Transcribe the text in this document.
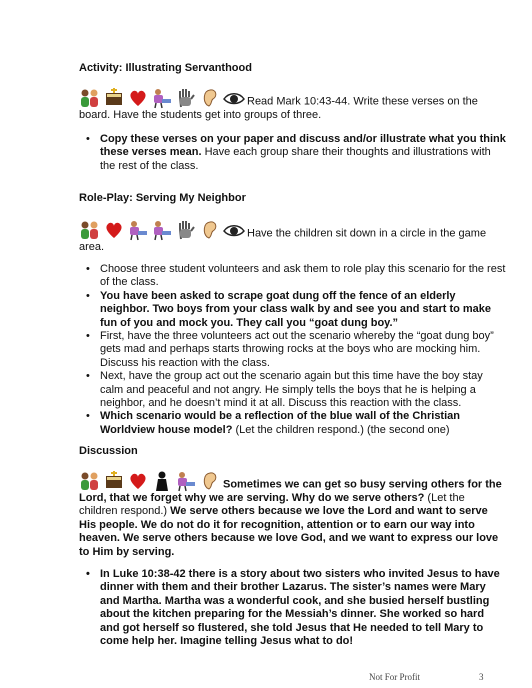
Activity: Illustrating Servanthood
Read Mark 10:43-44. Write these verses on the board. Have the students get into groups of three.
• Copy these verses on your paper and discuss and/or illustrate what you think these verses mean. Have each group share their thoughts and illustrations with the rest of the class.
Role-Play: Serving My Neighbor
Have the children sit down in a circle in the game area.
• Choose three student volunteers and ask them to role play this scenario for the rest of the class.
• You have been asked to scrape goat dung off the fence of an elderly neighbor. Two boys from your class walk by and see you and start to make fun of you and mock you. They call you “goat dung boy.”
• First, have the three volunteers act out the scenario whereby the “goat dung boy” gets mad and perhaps starts throwing rocks at the boys who are mocking him. Discuss his reaction with the class.
• Next, have the group act out the scenario again but this time have the boy stay calm and peaceful and not angry. He simply tells the boys that he is helping a neighbor, and he doesn’t mind it at all. Discuss this reaction with the class.
• Which scenario would be a reflection of the blue wall of the Christian Worldview house model? (Let the children respond.) (the second one)
Discussion
Sometimes we can get so busy serving others for the Lord, that we forget why we are serving. Why do we serve others? (Let the children respond.) We serve others because we love the Lord and want to serve His people. We do not do it for recognition, attention or to earn our way into heaven. We serve others because we love God, and we want to express our love to Him by serving.
• In Luke 10:38-42 there is a story about two sisters who invited Jesus to have dinner with them and their brother Lazarus. The sister’s names were Mary and Martha. Martha was a wonderful cook, and she busied herself bustling about the kitchen preparing for the Messiah’s dinner. She worked so hard and got herself so flustered, she told Jesus that He needed to tell Mary to come help her. Imagine telling Jesus what to do!
Not For Profit	3
